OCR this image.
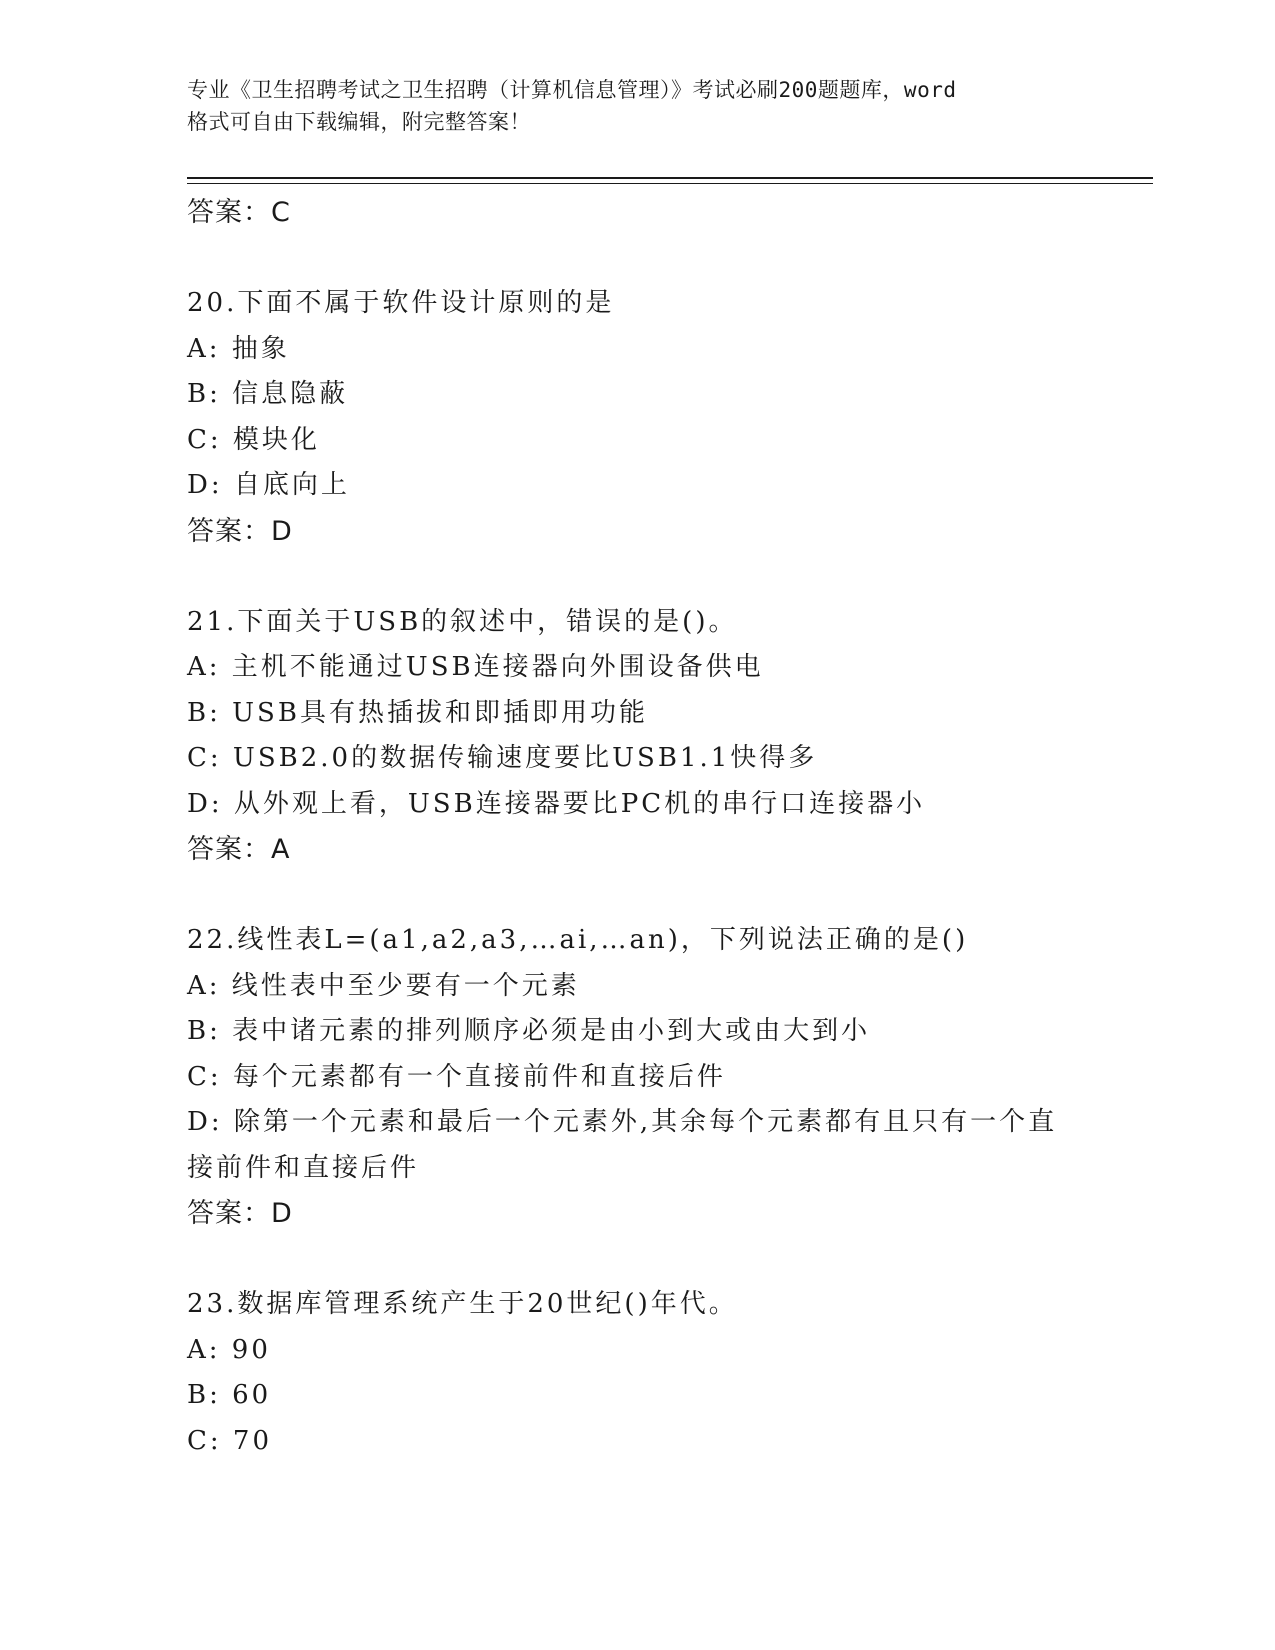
专业《卫生招聘考试之卫生招聘（计算机信息管理）》考试必刷200题题库，word
格式可自由下载编辑，附完整答案！
答案：C
20.下面不属于软件设计原则的是
A: 抽象
B: 信息隐蔽
C: 模块化
D: 自底向上
答案：D
21.下面关于USB的叙述中，错误的是()。
A: 主机不能通过USB连接器向外围设备供电
B: USB具有热插拔和即插即用功能
C: USB2.0的数据传输速度要比USB1.1快得多
D: 从外观上看，USB连接器要比PC机的串行口连接器小
答案：A
22.线性表L=(a1,a2,a3,…ai,…an)，下列说法正确的是()
A: 线性表中至少要有一个元素
B: 表中诸元素的排列顺序必须是由小到大或由大到小
C: 每个元素都有一个直接前件和直接后件
D: 除第一个元素和最后一个元素外,其余每个元素都有且只有一个直
接前件和直接后件
答案：D
23.数据库管理系统产生于20世纪()年代。
A: 90
B: 60
C: 70
